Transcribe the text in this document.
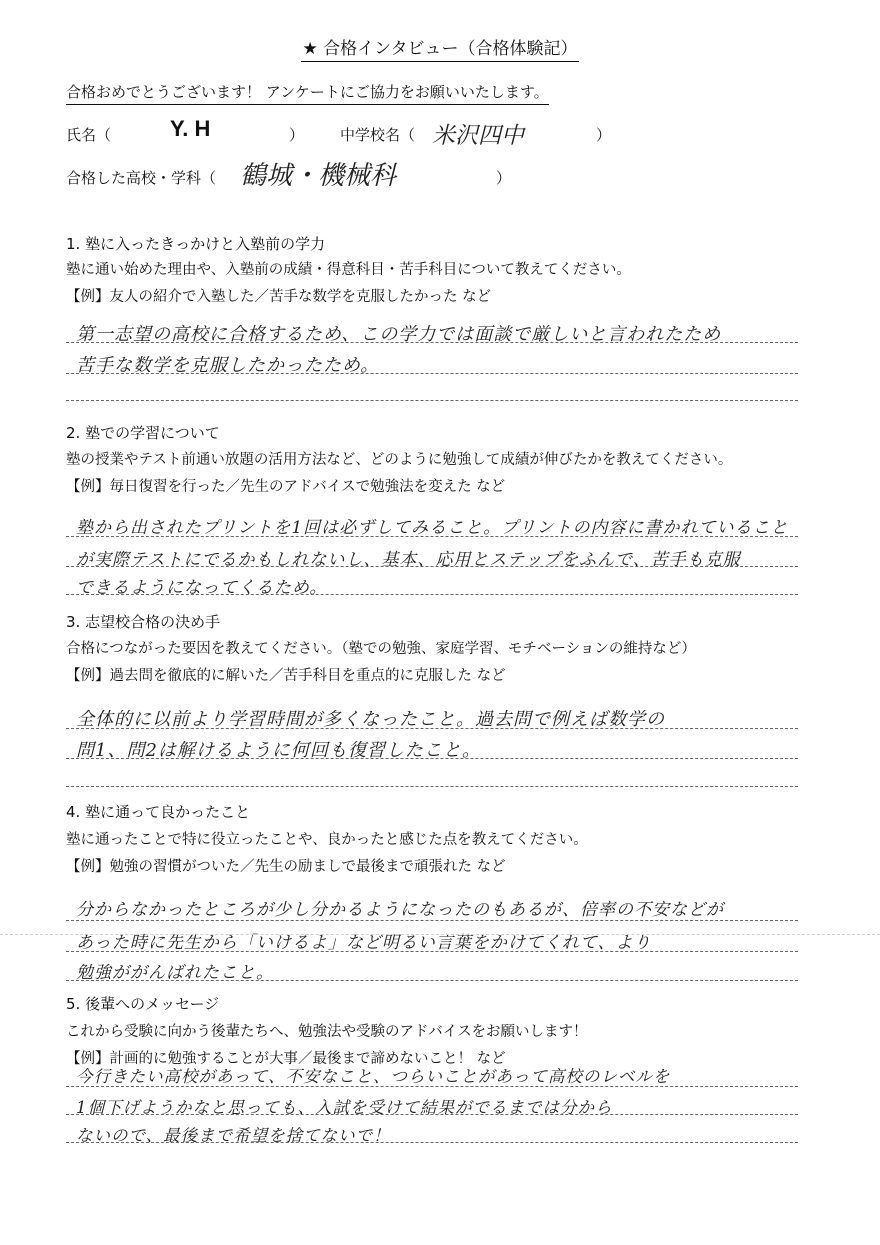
★ 合格インタビュー（合格体験記）
合格おめでとうございます！ アンケートにご協力をお願いいたします。
氏名（	Y. H	） 中学校名（ 米沢四中	）
合格した高校・学科（ 鶴城・機械科	）
1. 塾に入ったきっかけと入塾前の学力
塾に通い始めた理由や、入塾前の成績・得意科目・苦手科目について教えてください。
【例】友人の紹介で入塾した／苦手な数学を克服したかった など
第一志望の高校に合格するため、この学力では面談で厳しいと言われたため
苦手な数学を克服したかったため。
2. 塾での学習について
塾の授業やテスト前通い放題の活用方法など、どのように勉強して成績が伸びたかを教えてください。
【例】毎日復習を行った／先生のアドバイスで勉強法を変えた など
塾から出されたプリントを1回は必ずしてみること。プリントの内容に書かれていること
が実際テストにでるかもしれないし、基本、応用とステップをふんで、苦手も克服
できるようになってくるため。
3. 志望校合格の決め手
合格につながった要因を教えてください。（塾での勉強、家庭学習、モチベーションの維持など）
【例】過去問を徹底的に解いた／苦手科目を重点的に克服した など
全体的に以前より学習時間が多くなったこと。過去問で例えば数学の
問1、問2は解けるように何回も復習したこと。
4. 塾に通って良かったこと
塾に通ったことで特に役立ったことや、良かったと感じた点を教えてください。
【例】勉強の習慣がついた／先生の励ましで最後まで頑張れた など
分からなかったところが少し分かるようになったのもあるが、倍率の不安などが
あった時に先生から「いけるよ」など明るい言葉をかけてくれて、より
勉強ががんばれたこと。
5. 後輩へのメッセージ
これから受験に向かう後輩たちへ、勉強法や受験のアドバイスをお願いします！
【例】計画的に勉強することが大事／最後まで諦めないこと！ など
今行きたい高校があって、不安なこと、つらいことがあって高校のレベルを
1個下げようかなと思っても、入試を受けて結果がでるまでは分から
ないので、最後まで希望を捨てないで！
